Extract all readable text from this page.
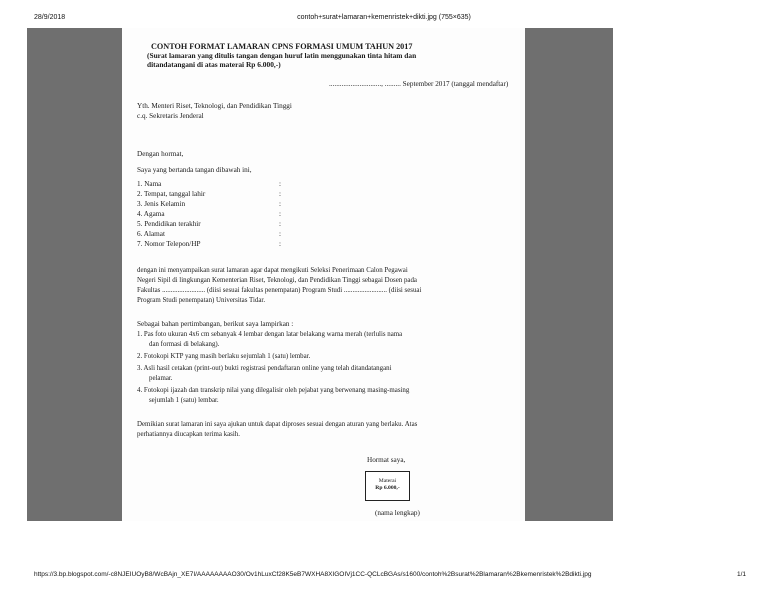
28/9/2018	contoh+surat+lamaran+kemenristek+dikti.jpg (755×635)
CONTOH FORMAT LAMARAN CPNS FORMASI UMUM TAHUN 2017
(Surat lamaran yang ditulis tangan dengan huruf latin menggunakan tinta hitam dan
ditandatangani di atas materai Rp 6.000,-)
............................., ......... September 2017 (tanggal mendaftar)
Yth. Menteri Riset, Teknologi, dan Pendidikan Tinggi
c.q. Sekretaris Jenderal
Dengan hormat,
Saya yang bertanda tangan dibawah ini,
1. Nama	:
2. Tempat, tanggal lahir	:
3. Jenis Kelamin	:
4. Agama	:
5. Pendidikan terakhir	:
6. Alamat	:
7. Nomor Telepon/HP	:
dengan ini menyampaikan surat lamaran agar dapat mengikuti Seleksi Penerimaan Calon Pegawai
Negeri Sipil di lingkungan Kementerian Riset, Teknologi, dan Pendidikan Tinggi sebagai Dosen pada
Fakultas ......................... (diisi sesuai fakultas penempatan) Program Studi ......................... (diisi sesuai
Program Studi penempatan) Universitas Tidar.
Sebagai bahan pertimbangan, berikut saya lampirkan :
1. Pas foto ukuran 4x6 cm sebanyak 4 lembar dengan latar belakang warna merah (terlulis nama
dan formasi di belakang).
2. Fotokopi KTP yang masih berlaku sejumlah 1 (satu) lembar.
3. Asli hasil cetakan (print-out) bukti registrasi pendaftaran online yang telah ditandatangani
pelamar.
4. Fotokopi ijazah dan transkrip nilai yang dilegalisir oleh pejabat yang berwenang masing-masing
sejumlah 1 (satu) lembar.
Demikian surat lamaran ini saya ajukan untuk dapat diproses sesuai dengan aturan yang berlaku. Atas
perhatiannya diucapkan terima kasih.
Hormat saya,
Materai
Rp 6.000,-
(nama lengkap)
https://3.bp.blogspot.com/-c8NJEIUOyB8/WcBAjn_XE7I/AAAAAAAAO30/Ov1hLuxCf28K5eB7WXHA8XIGOIVj1CC-QCLcBGAs/s1600/contoh%2Bsurat%2Blamaran%2Bkemenristek%2Bdikti.jpg	1/1
